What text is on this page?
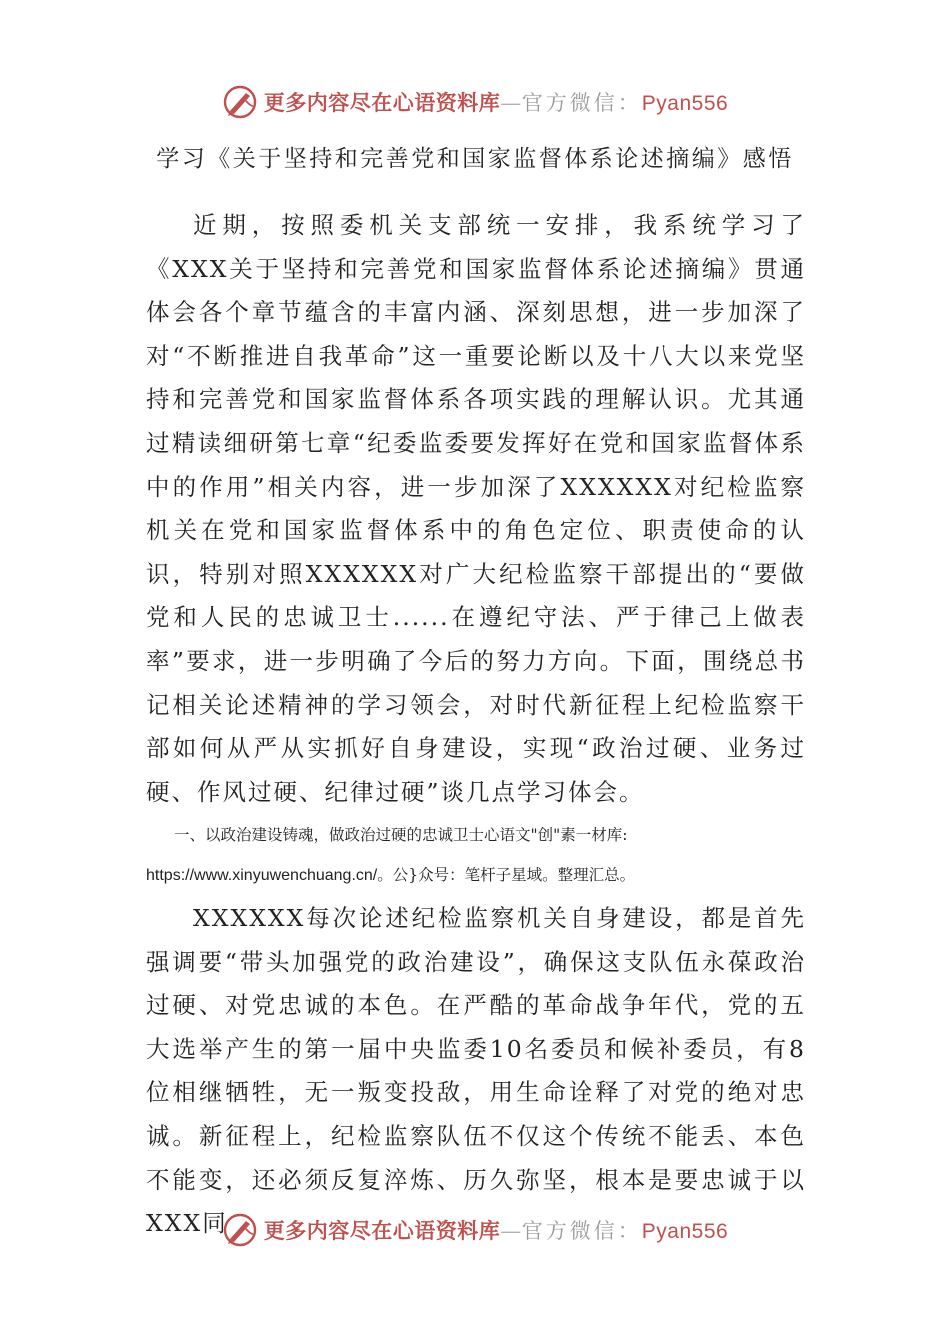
更多内容尽在心语资料库—官方微信：Pyan556
学习《关于坚持和完善党和国家监督体系论述摘编》感悟

近期，按照委机关支部统一安排，我系统学习了《XXX关于坚持和完善党和国家监督体系论述摘编》贯通体会各个章节蕴含的丰富内涵、深刻思想，进一步加深了对“不断推进自我革命”这一重要论断以及十八大以来党坚持和完善党和国家监督体系各项实践的理解认识。尤其通过精读细研第七章“纪委监委要发挥好在党和国家监督体系中的作用”相关内容，进一步加深了XXXXXX对纪检监察机关在党和国家监督体系中的角色定位、职责使命的认识，特别对照XXXXXX对广大纪检监察干部提出的“要做党和人民的忠诚卫士......在遵纪守法、严于律己上做表率”要求，进一步明确了今后的努力方向。下面，围绕总书记相关论述精神的学习领会，对时代新征程上纪检监察干部如何从严从实抓好自身建设，实现“政治过硬、业务过硬、作风过硬、纪律过硬”谈几点学习体会。

一、以政治建设铸魂，做政治过硬的忠诚卫士心语文"创"素一材库:
https://www.xinyuwenchuang.cn/。公}众号：笔杆子星域。整理汇总。

XXXXXX每次论述纪检监察机关自身建设，都是首先强调要“带头加强党的政治建设”，确保这支队伍永葆政治过硬、对党忠诚的本色。在严酷的革命战争年代，党的五大选举产生的第一届中央监委10名委员和候补委员，有8位相继牺牲，无一叛变投敌，用生命诠释了对党的绝对忠诚。新征程上，纪检监察队伍不仅这个传统不能丢、本色不能变，还必须反复淬炼、历久弥坚，根本是要忠诚于以XXX同	更多内容尽在心语资料库—官方微信：Pyan556
